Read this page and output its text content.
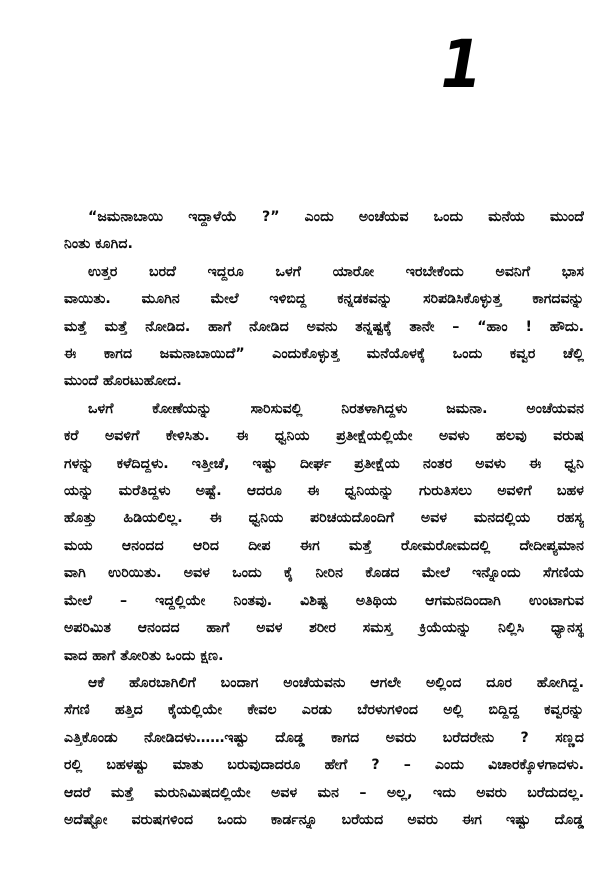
1
“ಜಮನಾಬಾಯಿ ಇದ್ದಾಳೆಯೆ ?” ಎಂದು ಅಂಚೆಯವ ಒಂದು ಮನೆಯ ಮುಂದೆ
ನಿಂತು ಕೂಗಿದ.
ಉತ್ತರ ಬರದೆ ಇದ್ದರೂ ಒಳಗೆ ಯಾರೋ ಇರಬೇಕೆಂದು ಅವನಿಗೆ ಭಾಸ
ವಾಯಿತು. ಮೂಗಿನ ಮೇಲೆ ಇಳಿಬಿದ್ದ ಕನ್ನಡಕವನ್ನು ಸರಿಪಡಿಸಿಕೊಳ್ಳುತ್ತ ಕಾಗದವನ್ನು
ಮತ್ತೆ ಮತ್ತೆ ನೋಡಿದ. ಹಾಗೆ ನೋಡಿದ ಅವನು ತನ್ನಷ್ಟಕ್ಕೆ ತಾನೇ – “ಹಾಂ ! ಹೌದು.
ಈ ಕಾಗದ ಜಮನಾಬಾಯಿದೆ” ಎಂದುಕೊಳ್ಳುತ್ತ ಮನೆಯೊಳಕ್ಕೆ ಒಂದು ಕವ್ವರ ಚೆಲ್ಲಿ
ಮುಂದೆ ಹೊರಟುಹೋದ.
ಒಳಗೆ ಕೋಣೆಯನ್ನು ಸಾರಿಸುವಲ್ಲಿ ನಿರತಳಾಗಿದ್ದಳು ಜಮನಾ. ಅಂಚೆಯವನ
ಕರೆ ಅವಳಿಗೆ ಕೇಳಿಸಿತು. ಈ ಧ್ವನಿಯ ಪ್ರತೀಕ್ಷೆಯಲ್ಲಿಯೇ ಅವಳು ಹಲವು ವರುಷ
ಗಳನ್ನು ಕಳೆದಿದ್ದಳು. ಇತ್ತೀಚೆ, ಇಷ್ಟು ದೀರ್ಘ ಪ್ರತೀಕ್ಷೆಯ ನಂತರ ಅವಳು ಈ ಧ್ವನಿ
ಯನ್ನು ಮರೆತಿದ್ದಳು ಅಷ್ಟೆ. ಆದರೂ ಈ ಧ್ವನಿಯನ್ನು ಗುರುತಿಸಲು ಅವಳಿಗೆ ಬಹಳ
ಹೊತ್ತು ಹಿಡಿಯಲಿಲ್ಲ. ಈ ಧ್ವನಿಯ ಪರಿಚಯದೊಂದಿಗೆ ಅವಳ ಮನದಲ್ಲಿಯ ರಹಸ್ಯ
ಮಯ ಆನಂದದ ಆರಿದ ದೀಪ ಈಗ ಮತ್ತೆ ರೋಮರೋಮದಲ್ಲಿ ದೇದೀಪ್ಯಮಾನ
ವಾಗಿ ಉರಿಯಿತು. ಅವಳ ಒಂದು ಕೈ ನೀರಿನ ಕೊಡದ ಮೇಲೆ ಇನ್ನೊಂದು ಸೆಗಣಿಯ
ಮೇಲೆ – ಇದ್ದಲ್ಲಿಯೇ ನಿಂತವು. ವಿಶಿಷ್ಟ ಅತಿಥಿಯ ಆಗಮನದಿಂದಾಗಿ ಉಂಟಾಗುವ
ಅಪರಿಮಿತ ಆನಂದದ ಹಾಗೆ ಅವಳ ಶರೀರ ಸಮಸ್ತ ಕ್ರಿಯೆಯನ್ನು ನಿಲ್ಲಿಸಿ ಧ್ಯಾನಸ್ಥ
ವಾದ ಹಾಗೆ ತೋರಿತು ಒಂದು ಕ್ಷಣ.
ಆಕೆ ಹೊರಬಾಗಿಲಿಗೆ ಬಂದಾಗ ಅಂಚೆಯವನು ಆಗಲೇ ಅಲ್ಲಿಂದ ದೂರ ಹೋಗಿದ್ದ.
ಸೆಗಣಿ ಹತ್ತಿದ ಕೈಯಲ್ಲಿಯೇ ಕೇವಲ ಎರಡು ಬೆರಳುಗಳಿಂದ ಅಲ್ಲಿ ಬಿದ್ದಿದ್ದ ಕವ್ವರನ್ನು
ಎತ್ತಿಕೊಂಡು ನೋಡಿದಳು……ಇಷ್ಟು ದೊಡ್ಡ ಕಾಗದ ಅವರು ಬರೆದರೇನು ? ಸಣ್ಣದ
ರಲ್ಲಿ ಬಹಳಷ್ಟು ಮಾತು ಬರುವುದಾದರೂ ಹೇಗೆ ? – ಎಂದು ವಿಚಾರಕ್ಕೊಳಗಾದಳು.
ಆದರೆ ಮತ್ತೆ ಮರುನಿಮಿಷದಲ್ಲಿಯೇ ಅವಳ ಮನ – ಅಲ್ಲ, ಇದು ಅವರು ಬರೆದುದಲ್ಲ.
ಅದೆಷ್ಟೋ ವರುಷಗಳಿಂದ ಒಂದು ಕಾರ್ಡನ್ನೂ ಬರೆಯದ ಅವರು ಈಗ ಇಷ್ಟು ದೊಡ್ಡ
